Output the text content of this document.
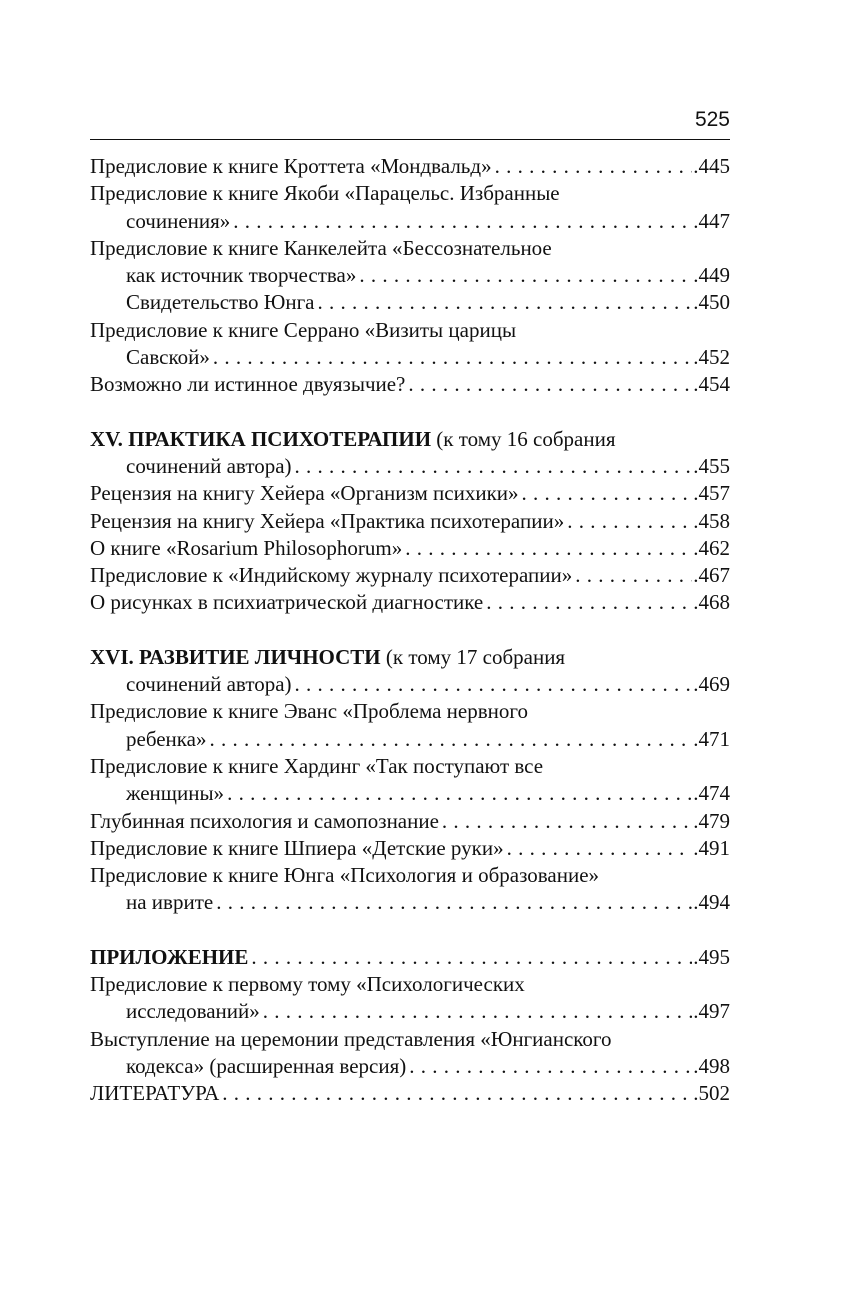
525
Предисловие к книге Кроттета «Мондвальд» . . .	.445
Предисловие к книге Якоби «Парацельс. Избранные
сочинения» . . .	.447
Предисловие к книге Канкелейта «Бессознательное
как источник творчества» . . .	.449
Свидетельство Юнга . . .	.450
Предисловие к книге Серрано «Визиты царицы
Савской» . . .	.452
Возможно ли истинное двуязычие? . . .	.454
XV. ПРАКТИКА ПСИХОТЕРАПИИ (к тому 16 собрания
сочинений автора) . . .	.455
Рецензия на книгу Хейера «Организм психики» . . .	.457
Рецензия на книгу Хейера «Практика психотерапии» . . .	.458
О книге «Rosarium Philosophorum» . . .	.462
Предисловие к «Индийскому журналу психотерапии» . . .	.467
О рисунках в психиатрической диагностике . . .	.468
XVI. РАЗВИТИЕ ЛИЧНОСТИ (к тому 17 собрания
сочинений автора) . . .	.469
Предисловие к книге Эванс «Проблема нервного
ребенка» . . .	.471
Предисловие к книге Хардинг «Так поступают все
женщины» . . .	.474
Глубинная психология и самопознание . . .	.479
Предисловие к книге Шпиера «Детские руки» . . .	.491
Предисловие к книге Юнга «Психология и образование»
на иврите . . .	.494
ПРИЛОЖЕНИЕ . . .	.495
Предисловие к первому тому «Психологических
исследований» . . .	.497
Выступление на церемонии представления «Юнгианского
кодекса» (расширенная версия) . . .	.498
ЛИТЕРАТУРА . . .	.502
